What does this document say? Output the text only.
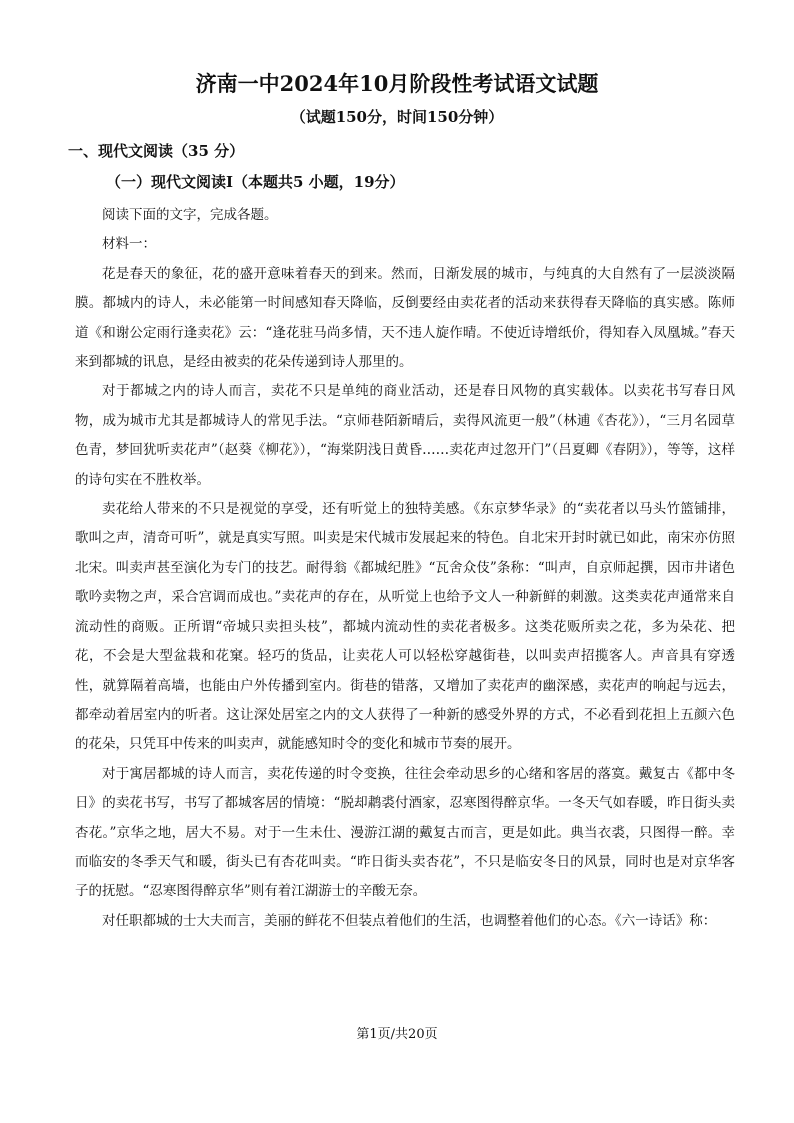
济南一中2024年10月阶段性考试语文试题
（试题150分，时间150分钟）
一、现代文阅读（35 分）
（一）现代文阅读Ⅰ（本题共5 小题，19分）

阅读下面的文字，完成各题。

材料一：

花是春天的象征，花的盛开意味着春天的到来。然而，日渐发展的城市，与纯真的大自然有了一层淡淡隔膜。都城内的诗人，未必能第一时间感知春天降临，反倒要经由卖花者的活动来获得春天降临的真实感。陈师道《和谢公定雨行逢卖花》云：“逢花驻马尚多情，天不违人旋作晴。不使近诗增纸价，得知春入凤凰城。”春天来到都城的讯息，是经由被卖的花朵传递到诗人那里的。

对于都城之内的诗人而言，卖花不只是单纯的商业活动，还是春日风物的真实载体。以卖花书写春日风物，成为城市尤其是都城诗人的常见手法。“京师巷陌新晴后，卖得风流更一般”（林逋《杏花》），“三月名园草色青，梦回犹听卖花声”（赵葵《柳花》），“海棠阴浅日黄昏……卖花声过忽开门”（吕夏卿《春阴》），等等，这样的诗句实在不胜枚举。

卖花给人带来的不只是视觉的享受，还有听觉上的独特美感。《东京梦华录》的“卖花者以马头竹篮铺排，歌叫之声，清奇可听”，就是真实写照。叫卖是宋代城市发展起来的特色。自北宋开封时就已如此，南宋亦仿照北宋。叫卖声甚至演化为专门的技艺。耐得翁《都城纪胜》“瓦舍众伎”条称：“叫声，自京师起撰，因市井诸色歌吟卖物之声，采合宫调而成也。”卖花声的存在，从听觉上也给予文人一种新鲜的刺激。这类卖花声通常来自流动性的商贩。正所谓“帝城只卖担头枝”，都城内流动性的卖花者极多。这类花贩所卖之花，多为朵花、把花，不会是大型盆栽和花窠。轻巧的货品，让卖花人可以轻松穿越街巷，以叫卖声招揽客人。声音具有穿透性，就算隔着高墙，也能由户外传播到室内。街巷的错落，又增加了卖花声的幽深感，卖花声的响起与远去，都牵动着居室内的听者。这让深处居室之内的文人获得了一种新的感受外界的方式，不必看到花担上五颜六色的花朵，只凭耳中传来的叫卖声，就能感知时令的变化和城市节奏的展开。

对于寓居都城的诗人而言，卖花传递的时令变换，往往会牵动思乡的心绪和客居的落寞。戴复古《都中冬日》的卖花书写，书写了都城客居的情境：“脱却鹔裘付酒家，忍寒图得醉京华。一冬天气如春暖，昨日街头卖杏花。”京华之地，居大不易。对于一生未仕、漫游江湖的戴复古而言，更是如此。典当衣裘，只图得一醉。幸而临安的冬季天气和暖，街头已有杏花叫卖。“昨日街头卖杏花”，不只是临安冬日的风景，同时也是对京华客子的抚慰。“忍寒图得醉京华”则有着江湖游士的辛酸无奈。

对任职都城的士大夫而言，美丽的鲜花不但装点着他们的生活，也调整着他们的心态。《六一诗话》称：

第1页/共20页
